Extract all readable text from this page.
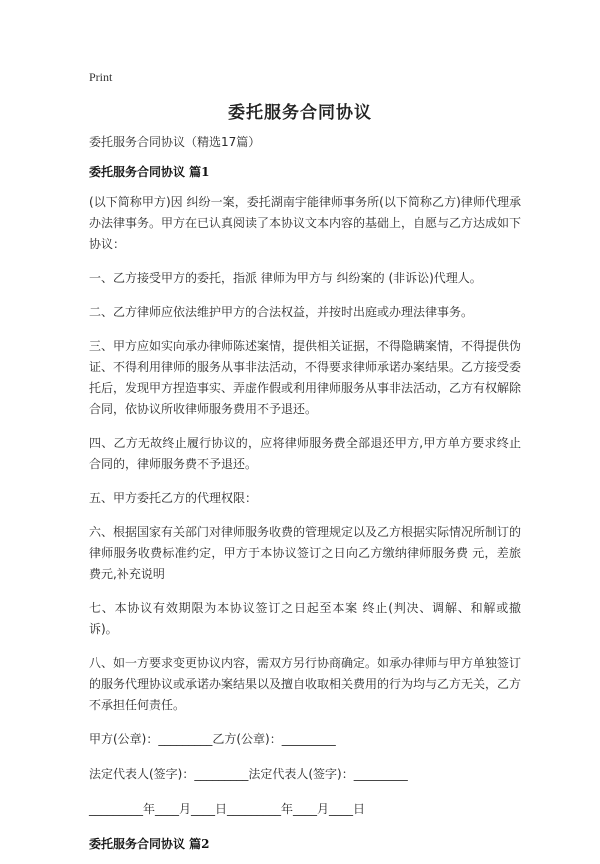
Print
委托服务合同协议

委托服务合同协议（精选17篇）

委托服务合同协议 篇1

(以下简称甲方)因 纠纷一案，委托湖南宇能律师事务所(以下简称乙方)律师代理承办法律事务。甲方在已认真阅读了本协议文本内容的基础上，自愿与乙方达成如下协议：

一、乙方接受甲方的委托，指派 律师为甲方与 纠纷案的 (非诉讼)代理人。

二、乙方律师应依法维护甲方的合法权益，并按时出庭或办理法律事务。

三、甲方应如实向承办律师陈述案情，提供相关证据，不得隐瞒案情，不得提供伪证、不得利用律师的服务从事非法活动，不得要求律师承诺办案结果。乙方接受委托后，发现甲方捏造事实、弄虚作假或利用律师服务从事非法活动，乙方有权解除合同，依协议所收律师服务费用不予退还。

四、乙方无故终止履行协议的，应将律师服务费全部退还甲方,甲方单方要求终止合同的，律师服务费不予退还。

五、甲方委托乙方的代理权限：

六、根据国家有关部门对律师服务收费的管理规定以及乙方根据实际情况所制订的律师服务收费标准约定，甲方于本协议签订之日向乙方缴纳律师服务费 元，差旅费元,补充说明

七、本协议有效期限为本协议签订之日起至本案 终止(判决、调解、和解或撤诉)。

八、如一方要求变更协议内容，需双方另行协商确定。如承办律师与甲方单独签订的服务代理协议或承诺办案结果以及擅自收取相关费用的行为均与乙方无关，乙方不承担任何责任。

甲方(公章)：_________乙方(公章)：_________

法定代表人(签字)：_________法定代表人(签字)：_________

_________年____月____日_________年____月____日

委托服务合同协议 篇2
